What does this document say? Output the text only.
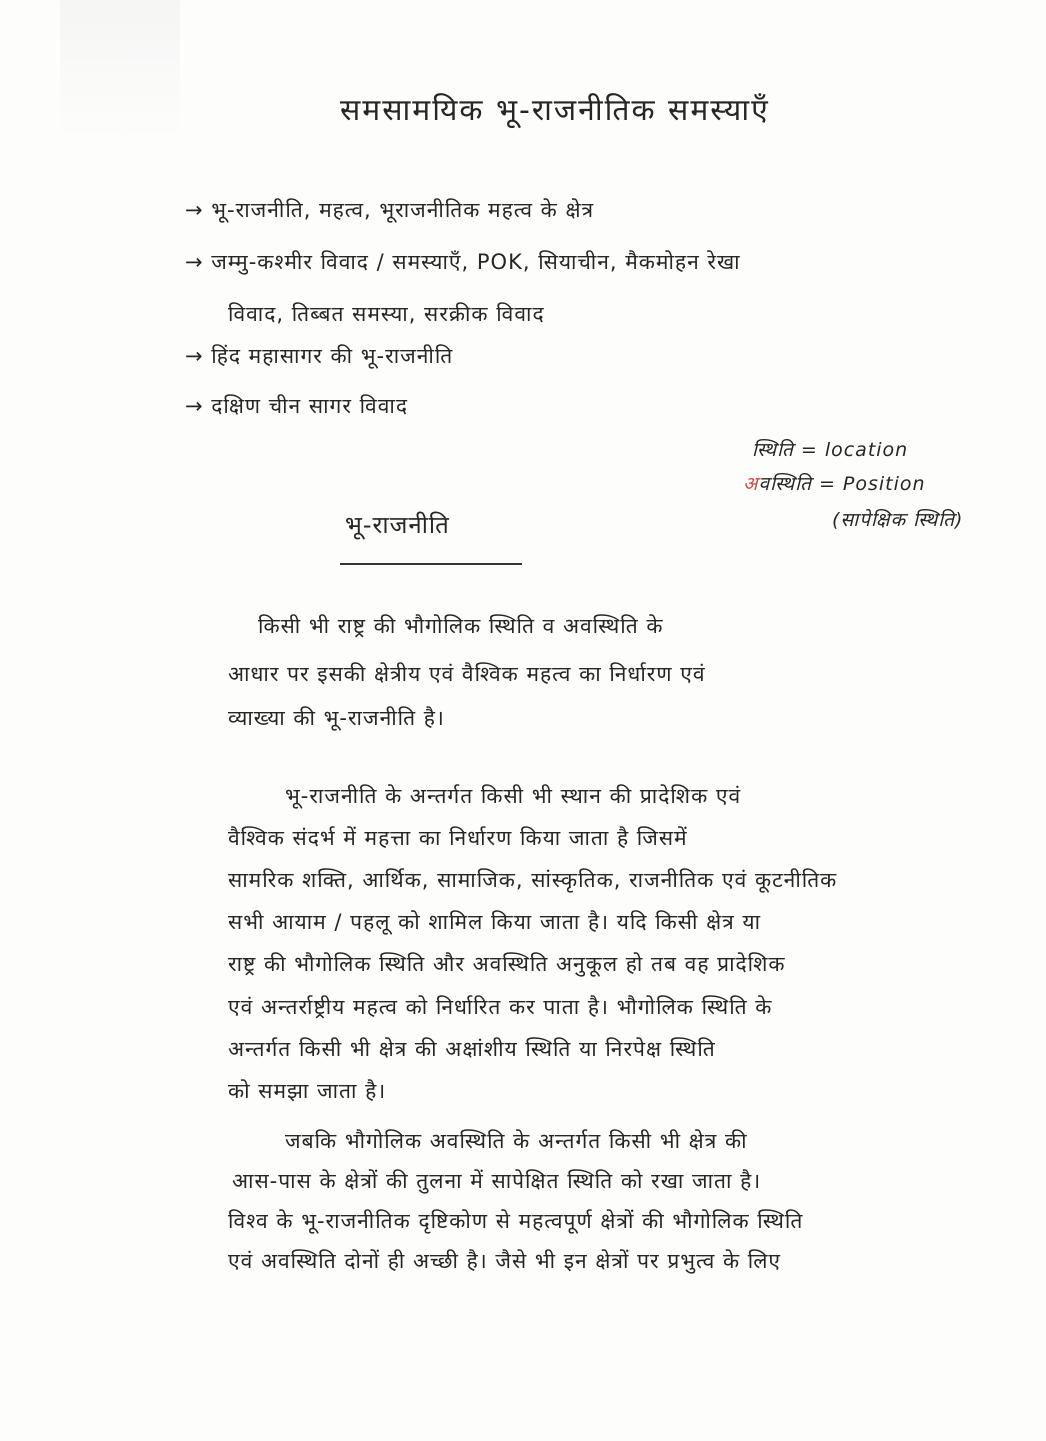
समसामयिक भू-राजनीतिक समस्याएँ
→ भू-राजनीति, महत्व, भूराजनीतिक महत्व के क्षेत्र
→ जम्मु-कश्मीर विवाद / समस्याएँ, POK, सियाचीन, मैकमोहन रेखा
विवाद, तिब्बत समस्या, सरक्रीक विवाद
→ हिंद महासागर की भू-राजनीति
→ दक्षिण चीन सागर विवाद
स्थिति = location
अवस्थिति = Position
(सापेक्षिक स्थिति)
भू-राजनीति
किसी भी राष्ट्र की भौगोलिक स्थिति व अवस्थिति के
आधार पर इसकी क्षेत्रीय एवं वैश्विक महत्व का निर्धारण एवं
व्याख्या की भू-राजनीति है।
भू-राजनीति के अन्तर्गत किसी भी स्थान की प्रादेशिक एवं
वैश्विक संदर्भ में महत्ता का निर्धारण किया जाता है जिसमें
सामरिक शक्ति, आर्थिक, सामाजिक, सांस्कृतिक, राजनीतिक एवं कूटनीतिक
सभी आयाम / पहलू को शामिल किया जाता है। यदि किसी क्षेत्र या
राष्ट्र की भौगोलिक स्थिति और अवस्थिति अनुकूल हो तब वह प्रादेशिक
एवं अन्तर्राष्ट्रीय महत्व को निर्धारित कर पाता है। भौगोलिक स्थिति के
अन्तर्गत किसी भी क्षेत्र की अक्षांशीय स्थिति या निरपेक्ष स्थिति
को समझा जाता है।
जबकि भौगोलिक अवस्थिति के अन्तर्गत किसी भी क्षेत्र की
आस-पास के क्षेत्रों की तुलना में सापेक्षित स्थिति को रखा जाता है।
विश्व के भू-राजनीतिक दृष्टिकोण से महत्वपूर्ण क्षेत्रों की भौगोलिक स्थिति
एवं अवस्थिति दोनों ही अच्छी है। जैसे भी इन क्षेत्रों पर प्रभुत्व के लिए
